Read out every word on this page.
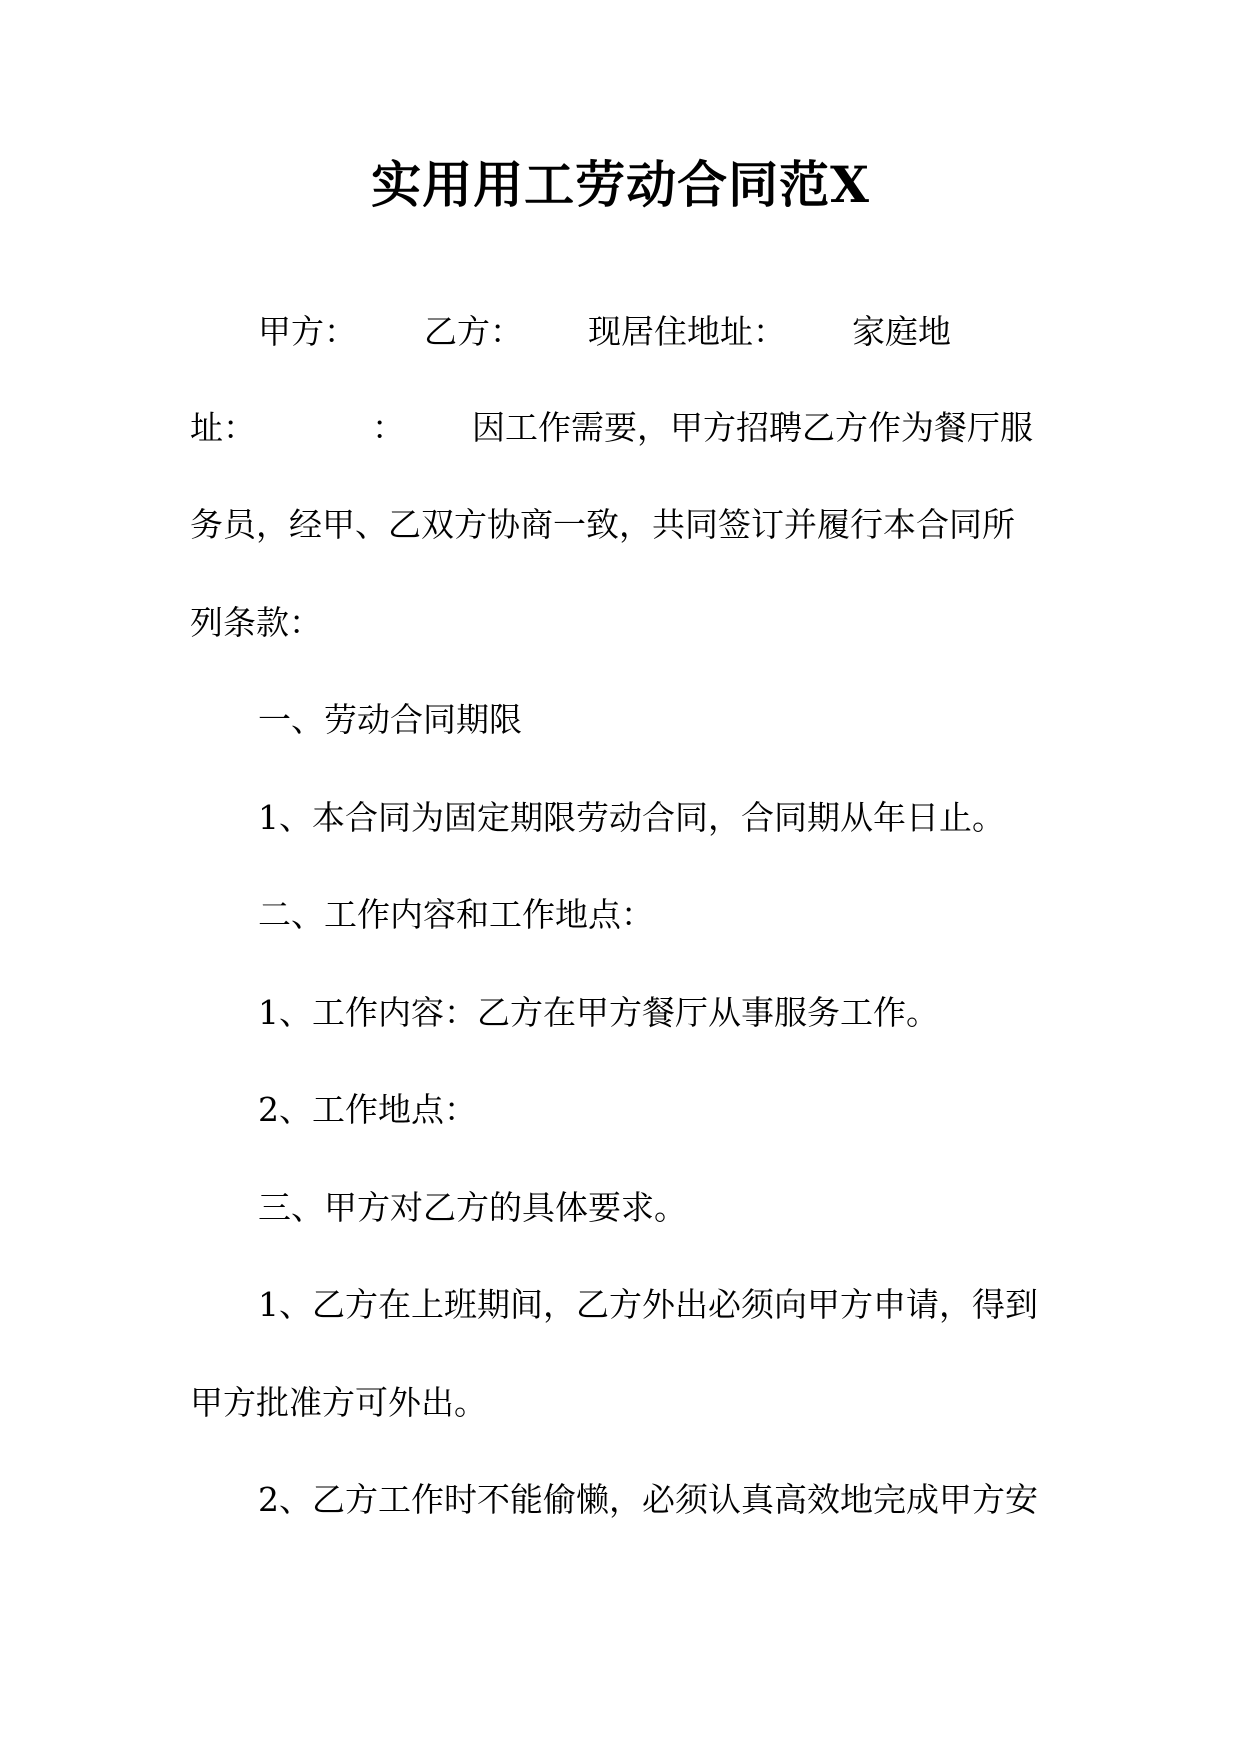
实用用工劳动合同范X

甲方： 乙方： 现居住地址： 家庭地

址：	： 因工作需要，甲方招聘乙方作为餐厅服

务员，经甲、乙双方协商一致，共同签订并履行本合同所

列条款：

一、劳动合同期限

1、本合同为固定期限劳动合同，合同期从年日止。

二、工作内容和工作地点：

1、工作内容：乙方在甲方餐厅从事服务工作。

2、工作地点：

三、甲方对乙方的具体要求。

1、乙方在上班期间，乙方外出必须向甲方申请，得到

甲方批准方可外出。

2、乙方工作时不能偷懒，必须认真高效地完成甲方安
